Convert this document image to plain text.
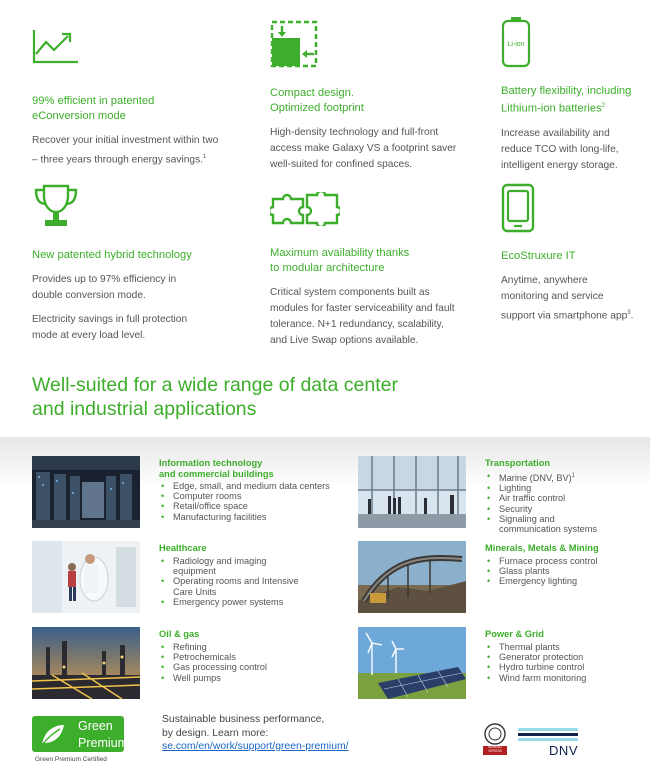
99% efficient in patented
eConversion mode
Recover your initial investment within two
– three years through energy savings.$^1$
Compact design.
Optimized footprint
High-density technology and full-front
access make Galaxy VS a footprint saver
well-suited for confined spaces.
Li-ion
Battery flexibility, including
Lithium-ion batteries$^2$
Increase availability and
reduce TCO with long-life,
intelligent energy storage.
New patented hybrid technology
Provides up to 97% efficiency in
double conversion mode.
Electricity savings in full protection
mode at every load level.
Maximum availability thanks
to modular architecture
Critical system components built as
modules for faster serviceability and fault
tolerance. N+1 redundancy, scalability,
and Live Swap options available.
EcoStruxure IT
Anytime, anywhere
monitoring and service
support via smartphone app$^3$.
Well-suited for a wide range of data center
and industrial applications
Information technology
and commercial buildings
• Edge, small, and medium data centers
• Computer rooms
• Retail/office space
• Manufacturing facilities
Transportation
• Marine (DNV, BV)$^1$
• Lighting
• Air traffic control
• Security
• Signaling and
communication systems
Healthcare
• Radiology and imaging
equipment
• Operating rooms and Intensive
Care Units
• Emergency power systems
Minerals, Metals & Mining
• Furnace process control
• Glass plants
• Emergency lighting
Oil & gas
• Refining
• Petrochemicals
• Gas processing control
• Well pumps
Power & Grid
• Thermal plants
• Generator protection
• Hydro turbine control
• Wind farm monitoring
Green
Premium™
Green Premium Certified
Sustainable business performance,
by design. Learn more:
se.com/en/work/support/green-premium/	BUREAU
VERITAS	DNV
